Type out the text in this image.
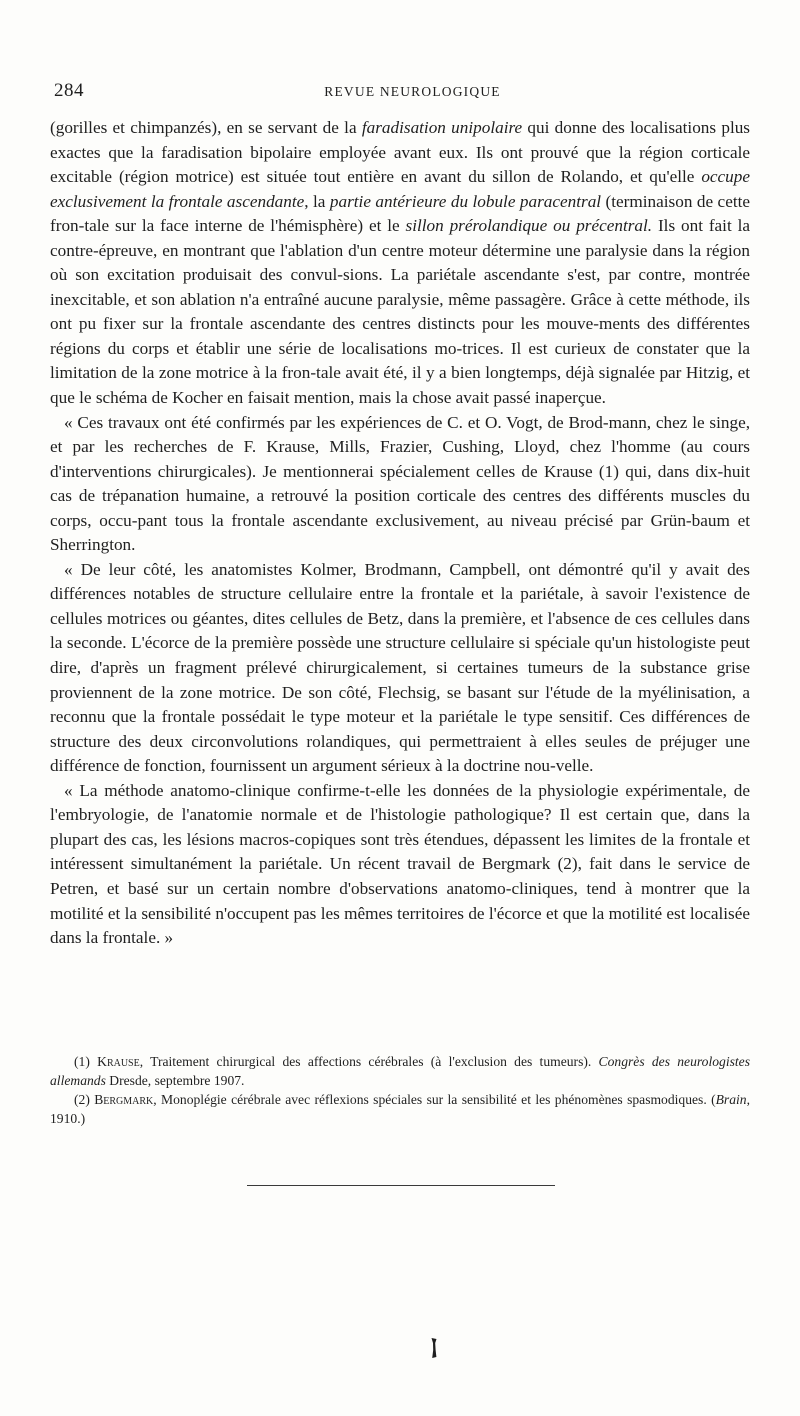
284	REVUE NEUROLOGIQUE

(gorilles et chimpanzés), en se servant de la faradisation unipolaire qui donne des localisations plus exactes que la faradisation bipolaire employée avant eux. Ils ont prouvé que la région corticale excitable (région motrice) est située tout entière en avant du sillon de Rolando, et qu'elle occupe exclusivement la frontale ascendante, la partie antérieure du lobule paracentral (terminaison de cette fron-tale sur la face interne de l'hémisphère) et le sillon prérolandique ou précentral. Ils ont fait la contre-épreuve, en montrant que l'ablation d'un centre moteur détermine une paralysie dans la région où son excitation produisait des convul-sions. La pariétale ascendante s'est, par contre, montrée inexcitable, et son ablation n'a entraîné aucune paralysie, même passagère. Grâce à cette méthode, ils ont pu fixer sur la frontale ascendante des centres distincts pour les mouve-ments des différentes régions du corps et établir une série de localisations mo-trices. Il est curieux de constater que la limitation de la zone motrice à la fron-tale avait été, il y a bien longtemps, déjà signalée par Hitzig, et que le schéma de Kocher en faisait mention, mais la chose avait passé inaperçue.

« Ces travaux ont été confirmés par les expériences de C. et O. Vogt, de Brod-mann, chez le singe, et par les recherches de F. Krause, Mills, Frazier, Cushing, Lloyd, chez l'homme (au cours d'interventions chirurgicales). Je mentionnerai spécialement celles de Krause (1) qui, dans dix-huit cas de trépanation humaine, a retrouvé la position corticale des centres des différents muscles du corps, occu-pant tous la frontale ascendante exclusivement, au niveau précisé par Grün-baum et Sherrington.

« De leur côté, les anatomistes Kolmer, Brodmann, Campbell, ont démontré qu'il y avait des différences notables de structure cellulaire entre la frontale et la pariétale, à savoir l'existence de cellules motrices ou géantes, dites cellules de Betz, dans la première, et l'absence de ces cellules dans la seconde. L'écorce de la première possède une structure cellulaire si spéciale qu'un histologiste peut dire, d'après un fragment prélevé chirurgicalement, si certaines tumeurs de la substance grise proviennent de la zone motrice. De son côté, Flechsig, se basant sur l'étude de la myélinisation, a reconnu que la frontale possédait le type moteur et la pariétale le type sensitif. Ces différences de structure des deux circonvolutions rolandiques, qui permettraient à elles seules de préjuger une différence de fonction, fournissent un argument sérieux à la doctrine nou-velle.

« La méthode anatomo-clinique confirme-t-elle les données de la physiologie expérimentale, de l'embryologie, de l'anatomie normale et de l'histologie pathologique? Il est certain que, dans la plupart des cas, les lésions macros-copiques sont très étendues, dépassent les limites de la frontale et intéressent simultanément la pariétale. Un récent travail de Bergmark (2), fait dans le service de Petren, et basé sur un certain nombre d'observations anatomo-cliniques, tend à montrer que la motilité et la sensibilité n'occupent pas les mêmes territoires de l'écorce et que la motilité est localisée dans la frontale. »

(1) Krause, Traitement chirurgical des affections cérébrales (à l'exclusion des tumeurs). Congrès des neurologistes allemands Dresde, septembre 1907.

(2) Bergmark, Monoplégie cérébrale avec réflexions spéciales sur la sensibilité et les phénomènes spasmodiques. (Brain, 1910.)
